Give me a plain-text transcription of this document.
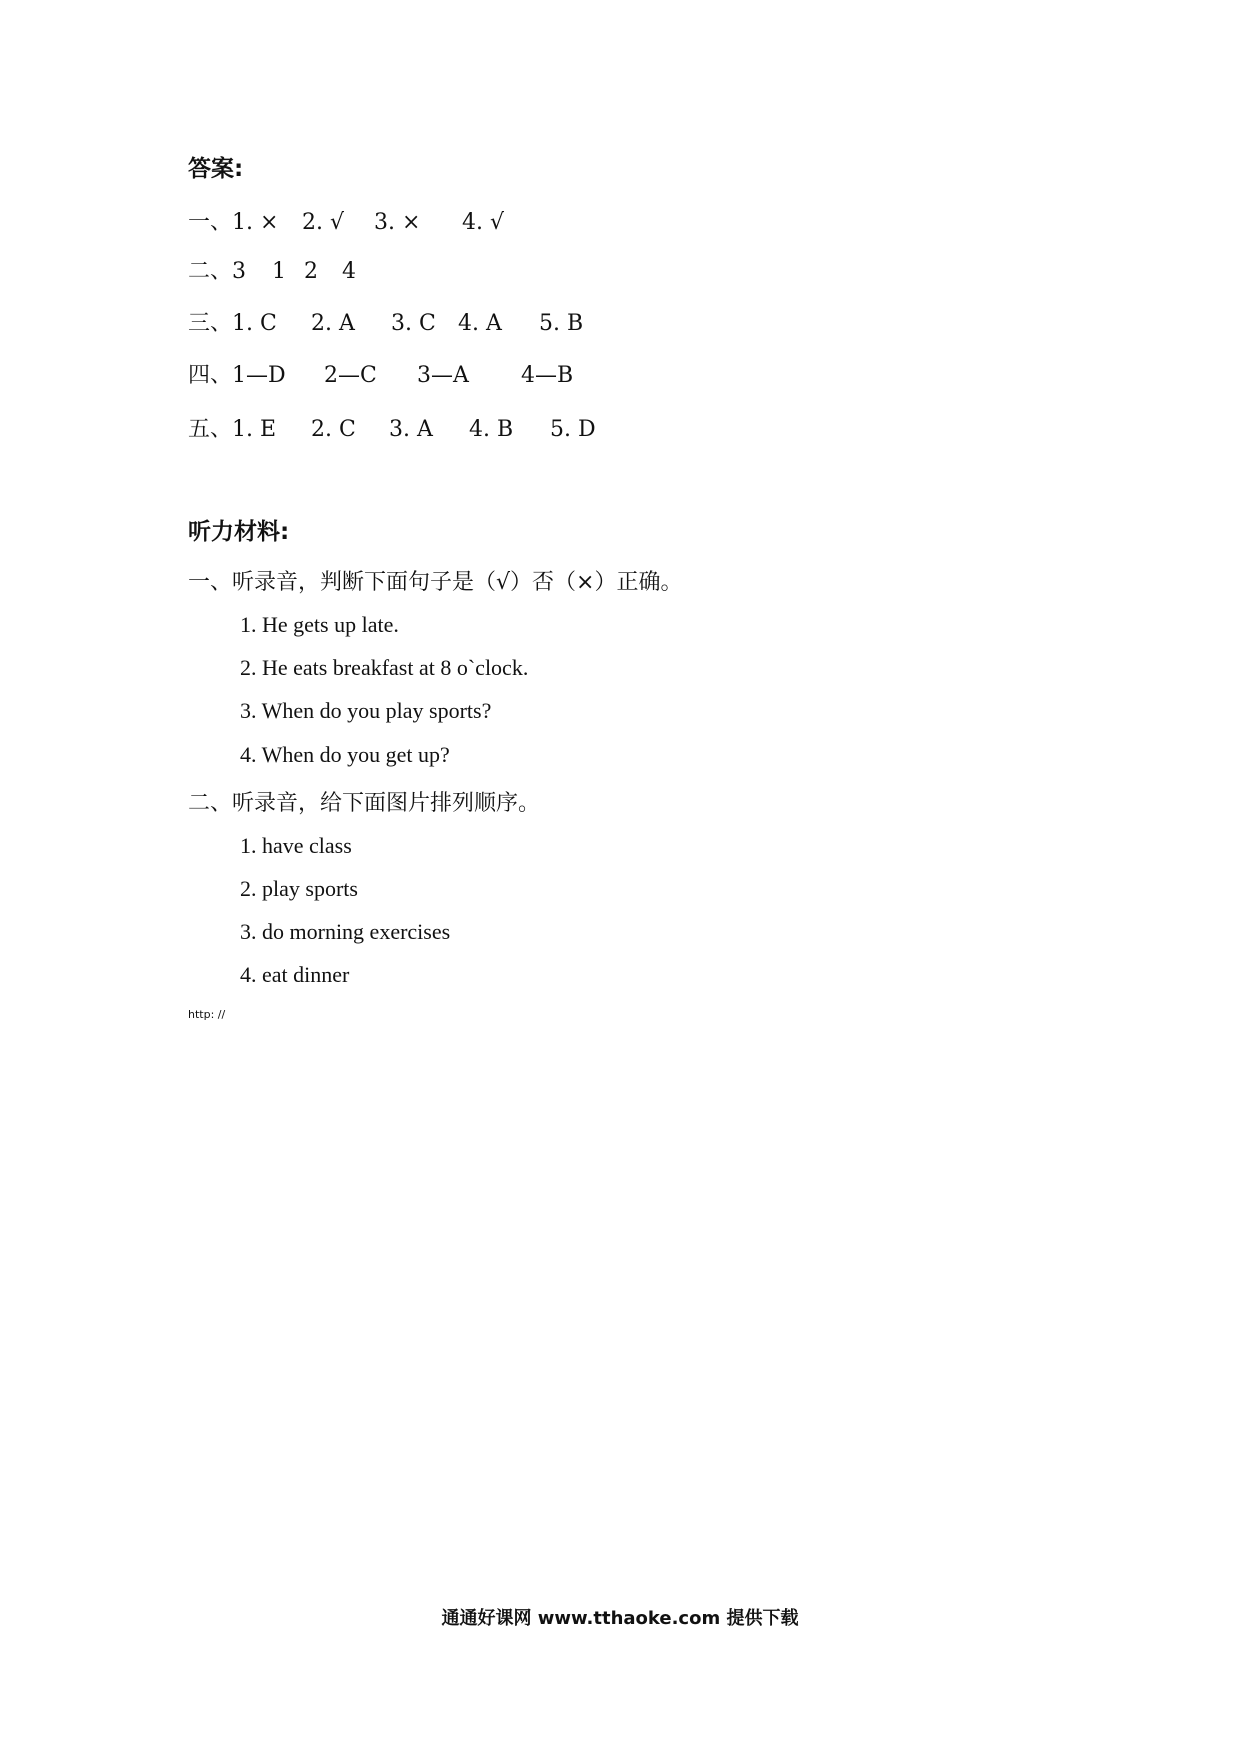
答案:
一、1. × 2. √ 3. × 4. √
二、3 1 2 4
三、1. C 2. A 3. C 4. A 5. B
四、1—D 2—C 3—A 4—B
五、1. E 2. C 3. A 4. B 5. D
听力材料:
一、听录音，判断下面句子是（√）否（×）正确。
1. He gets up late.
2. He eats breakfast at 8 o`clock.
3. When do you play sports?
4. When do you get up?
二、听录音，给下面图片排列顺序。
1. have class
2. play sports
3. do morning exercises
4. eat dinner
http: //
通通好课网 www.tthaoke.com 提供下载
